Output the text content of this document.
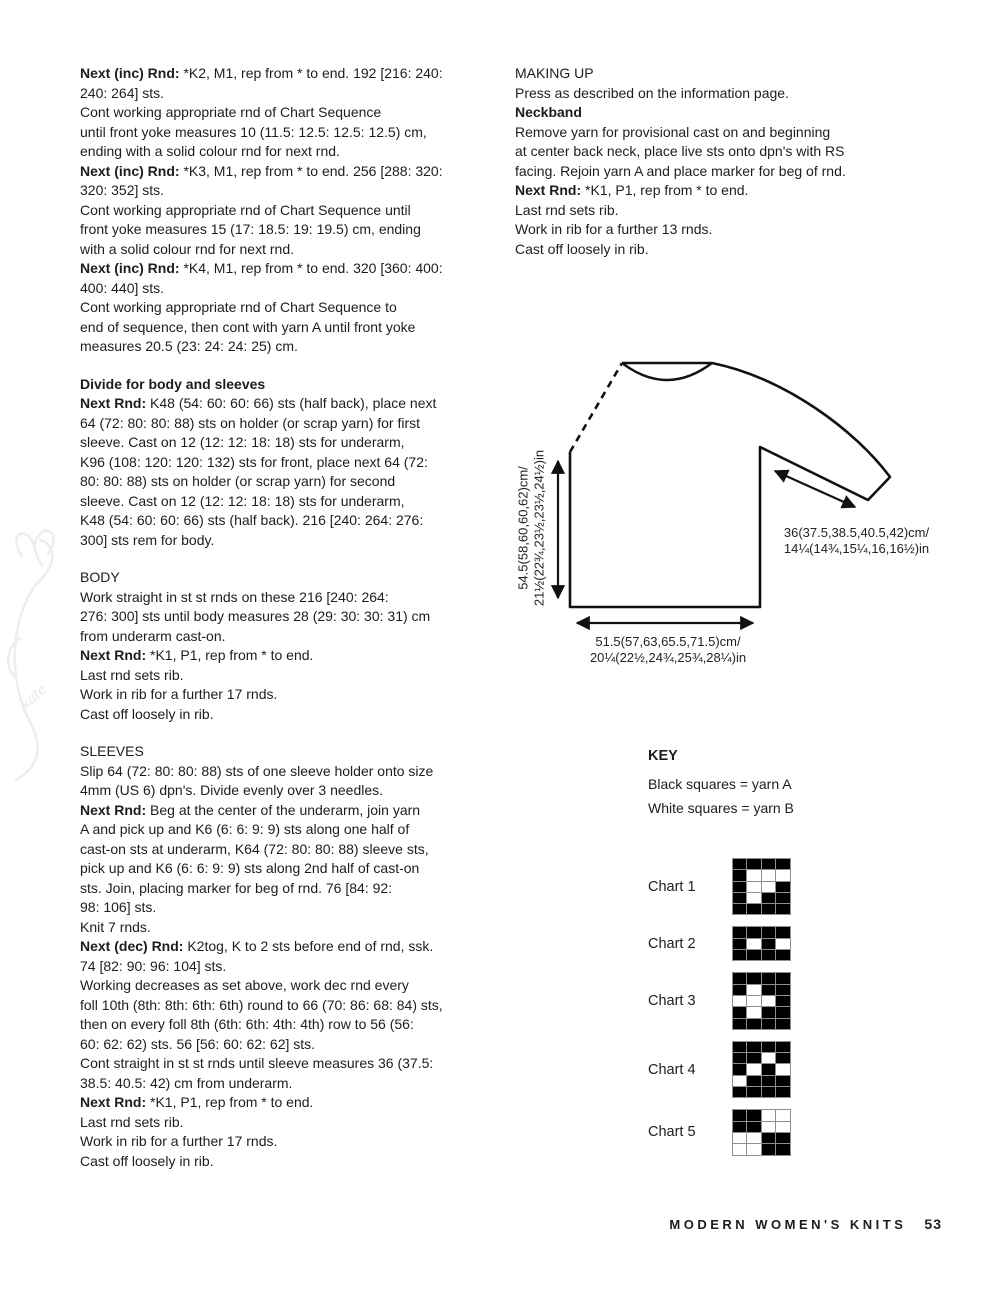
kate
Next (inc) Rnd: *K2, M1, rep from * to end. 192 [216: 240:
240: 264] sts.
Cont working appropriate rnd of Chart Sequence
until front yoke measures 10 (11.5: 12.5: 12.5: 12.5) cm,
ending with a solid colour rnd for next rnd.
Next (inc) Rnd: *K3, M1, rep from * to end. 256 [288: 320:
320: 352] sts.
Cont working appropriate rnd of Chart Sequence until
front yoke measures 15 (17: 18.5: 19: 19.5) cm, ending
with a solid colour rnd for next rnd.
Next (inc) Rnd: *K4, M1, rep from * to end. 320 [360: 400:
400: 440] sts.
Cont working appropriate rnd of Chart Sequence to
end of sequence, then cont with yarn A until front yoke
measures 20.5 (23: 24: 24: 25) cm.
Divide for body and sleeves
Next Rnd: K48 (54: 60: 60: 66) sts (half back), place next
64 (72: 80: 80: 88) sts on holder (or scrap yarn) for first
sleeve. Cast on 12 (12: 12: 18: 18) sts for underarm,
K96 (108: 120: 120: 132) sts for front, place next 64 (72:
80: 80: 88) sts on holder (or scrap yarn) for second
sleeve. Cast on 12 (12: 12: 18: 18) sts for underarm,
K48 (54: 60: 60: 66) sts (half back). 216 [240: 264: 276:
300] sts rem for body.
BODY
Work straight in st st rnds on these 216 [240: 264:
276: 300] sts until body measures 28 (29: 30: 30: 31) cm
from underarm cast-on.
Next Rnd: *K1, P1, rep from * to end.
Last rnd sets rib.
Work in rib for a further 17 rnds.
Cast off loosely in rib.
SLEEVES
Slip 64 (72: 80: 80: 88) sts of one sleeve holder onto size
4mm (US 6) dpn's. Divide evenly over 3 needles.
Next Rnd: Beg at the center of the underarm, join yarn
A and pick up and K6 (6: 6: 9: 9) sts along one half of
cast-on sts at underarm, K64 (72: 80: 80: 88) sleeve sts,
pick up and K6 (6: 6: 9: 9) sts along 2nd half of cast-on
sts. Join, placing marker for beg of rnd. 76 [84: 92:
98: 106] sts.
Knit 7 rnds.
Next (dec) Rnd: K2tog, K to 2 sts before end of rnd, ssk.
74 [82: 90: 96: 104] sts.
Working decreases as set above, work dec rnd every
foll 10th (8th: 8th: 6th: 6th) round to 66 (70: 86: 68: 84) sts,
then on every foll 8th (6th: 6th: 4th: 4th) row to 56 (56:
60: 62: 62) sts. 56 [56: 60: 62: 62] sts.
Cont straight in st st rnds until sleeve measures 36 (37.5:
38.5: 40.5: 42) cm from underarm.
Next Rnd: *K1, P1, rep from * to end.
Last rnd sets rib.
Work in rib for a further 17 rnds.
Cast off loosely in rib.
MAKING UP
Press as described on the information page.
Neckband
Remove yarn for provisional cast on and beginning
at center back neck, place live sts onto dpn's with RS
facing. Rejoin yarn A and place marker for beg of rnd.
Next Rnd: *K1, P1, rep from * to end.
Last rnd sets rib.
Work in rib for a further 13 rnds.
Cast off loosely in rib.
54.5(58,60,60,62)cm/ 21½(22¾,23½,23½,24½)in	36(37.5,38.5,40.5,42)cm/
14¼(14¾,15¼,16,16½)in
51.5(57,63,65.5,71.5)cm/
20¼(22½,24¾,25¾,28¼)in
KEY
Black squares = yarn A
White squares = yarn B
Chart 1
Chart 2
Chart 3
Chart 4
Chart 5
MODERN WOMEN'S KNITS 53
